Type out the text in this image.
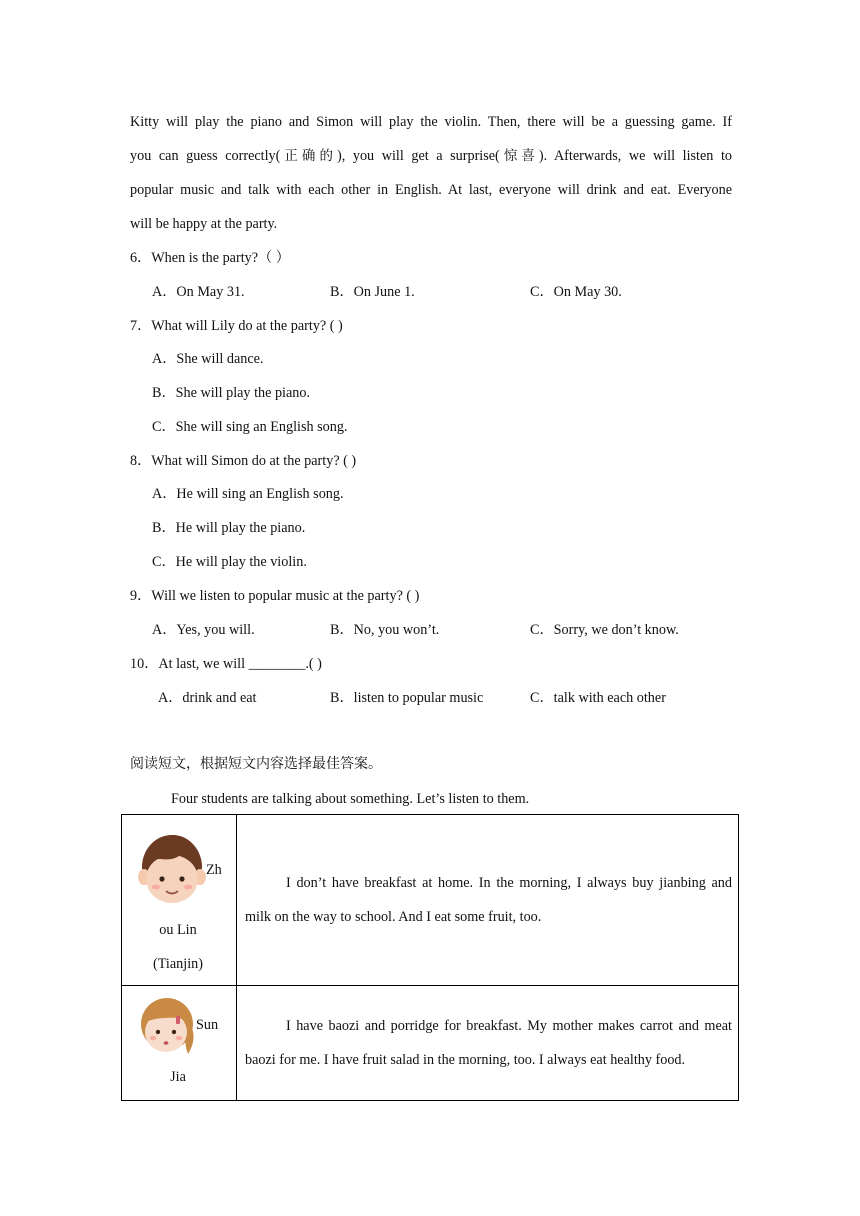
Kitty will play the piano and Simon will play the violin. Then, there will be a guessing game. If
you can guess correctly(正确的), you will get a surprise(惊喜). Afterwards, we will listen to
popular music and talk with each other in English. At last, everyone will drink and eat. Everyone
will be happy at the party.
6．When is the party?（ ）
A．On May 31.	B．On June 1.	C．On May 30.
7．What will Lily do at the party? ( )
A．She will dance.
B．She will play the piano.
C．She will sing an English song.
8．What will Simon do at the party? ( )
A．He will sing an English song.
B．He will play the piano.
C．He will play the violin.
9．Will we listen to popular music at the party? ( )
A．Yes, you will.	B．No, you won’t.	C．Sorry, we don’t know.
10．At last, we will ________.( )
A．drink and eat	B．listen to popular music	C．talk with each other
阅读短文，根据短文内容选择最佳答案。
Four students are talking about something. Let’s listen to them.
Zh
ou Lin
(Tianjin)	I don’t have breakfast at home. In the morning, I always buy jianbing and milk on the way to school. And I eat some fruit, too.

Sun
Jia	I have baozi and porridge for breakfast. My mother makes carrot and meat baozi for me. I have fruit salad in the morning, too. I always eat healthy food.
